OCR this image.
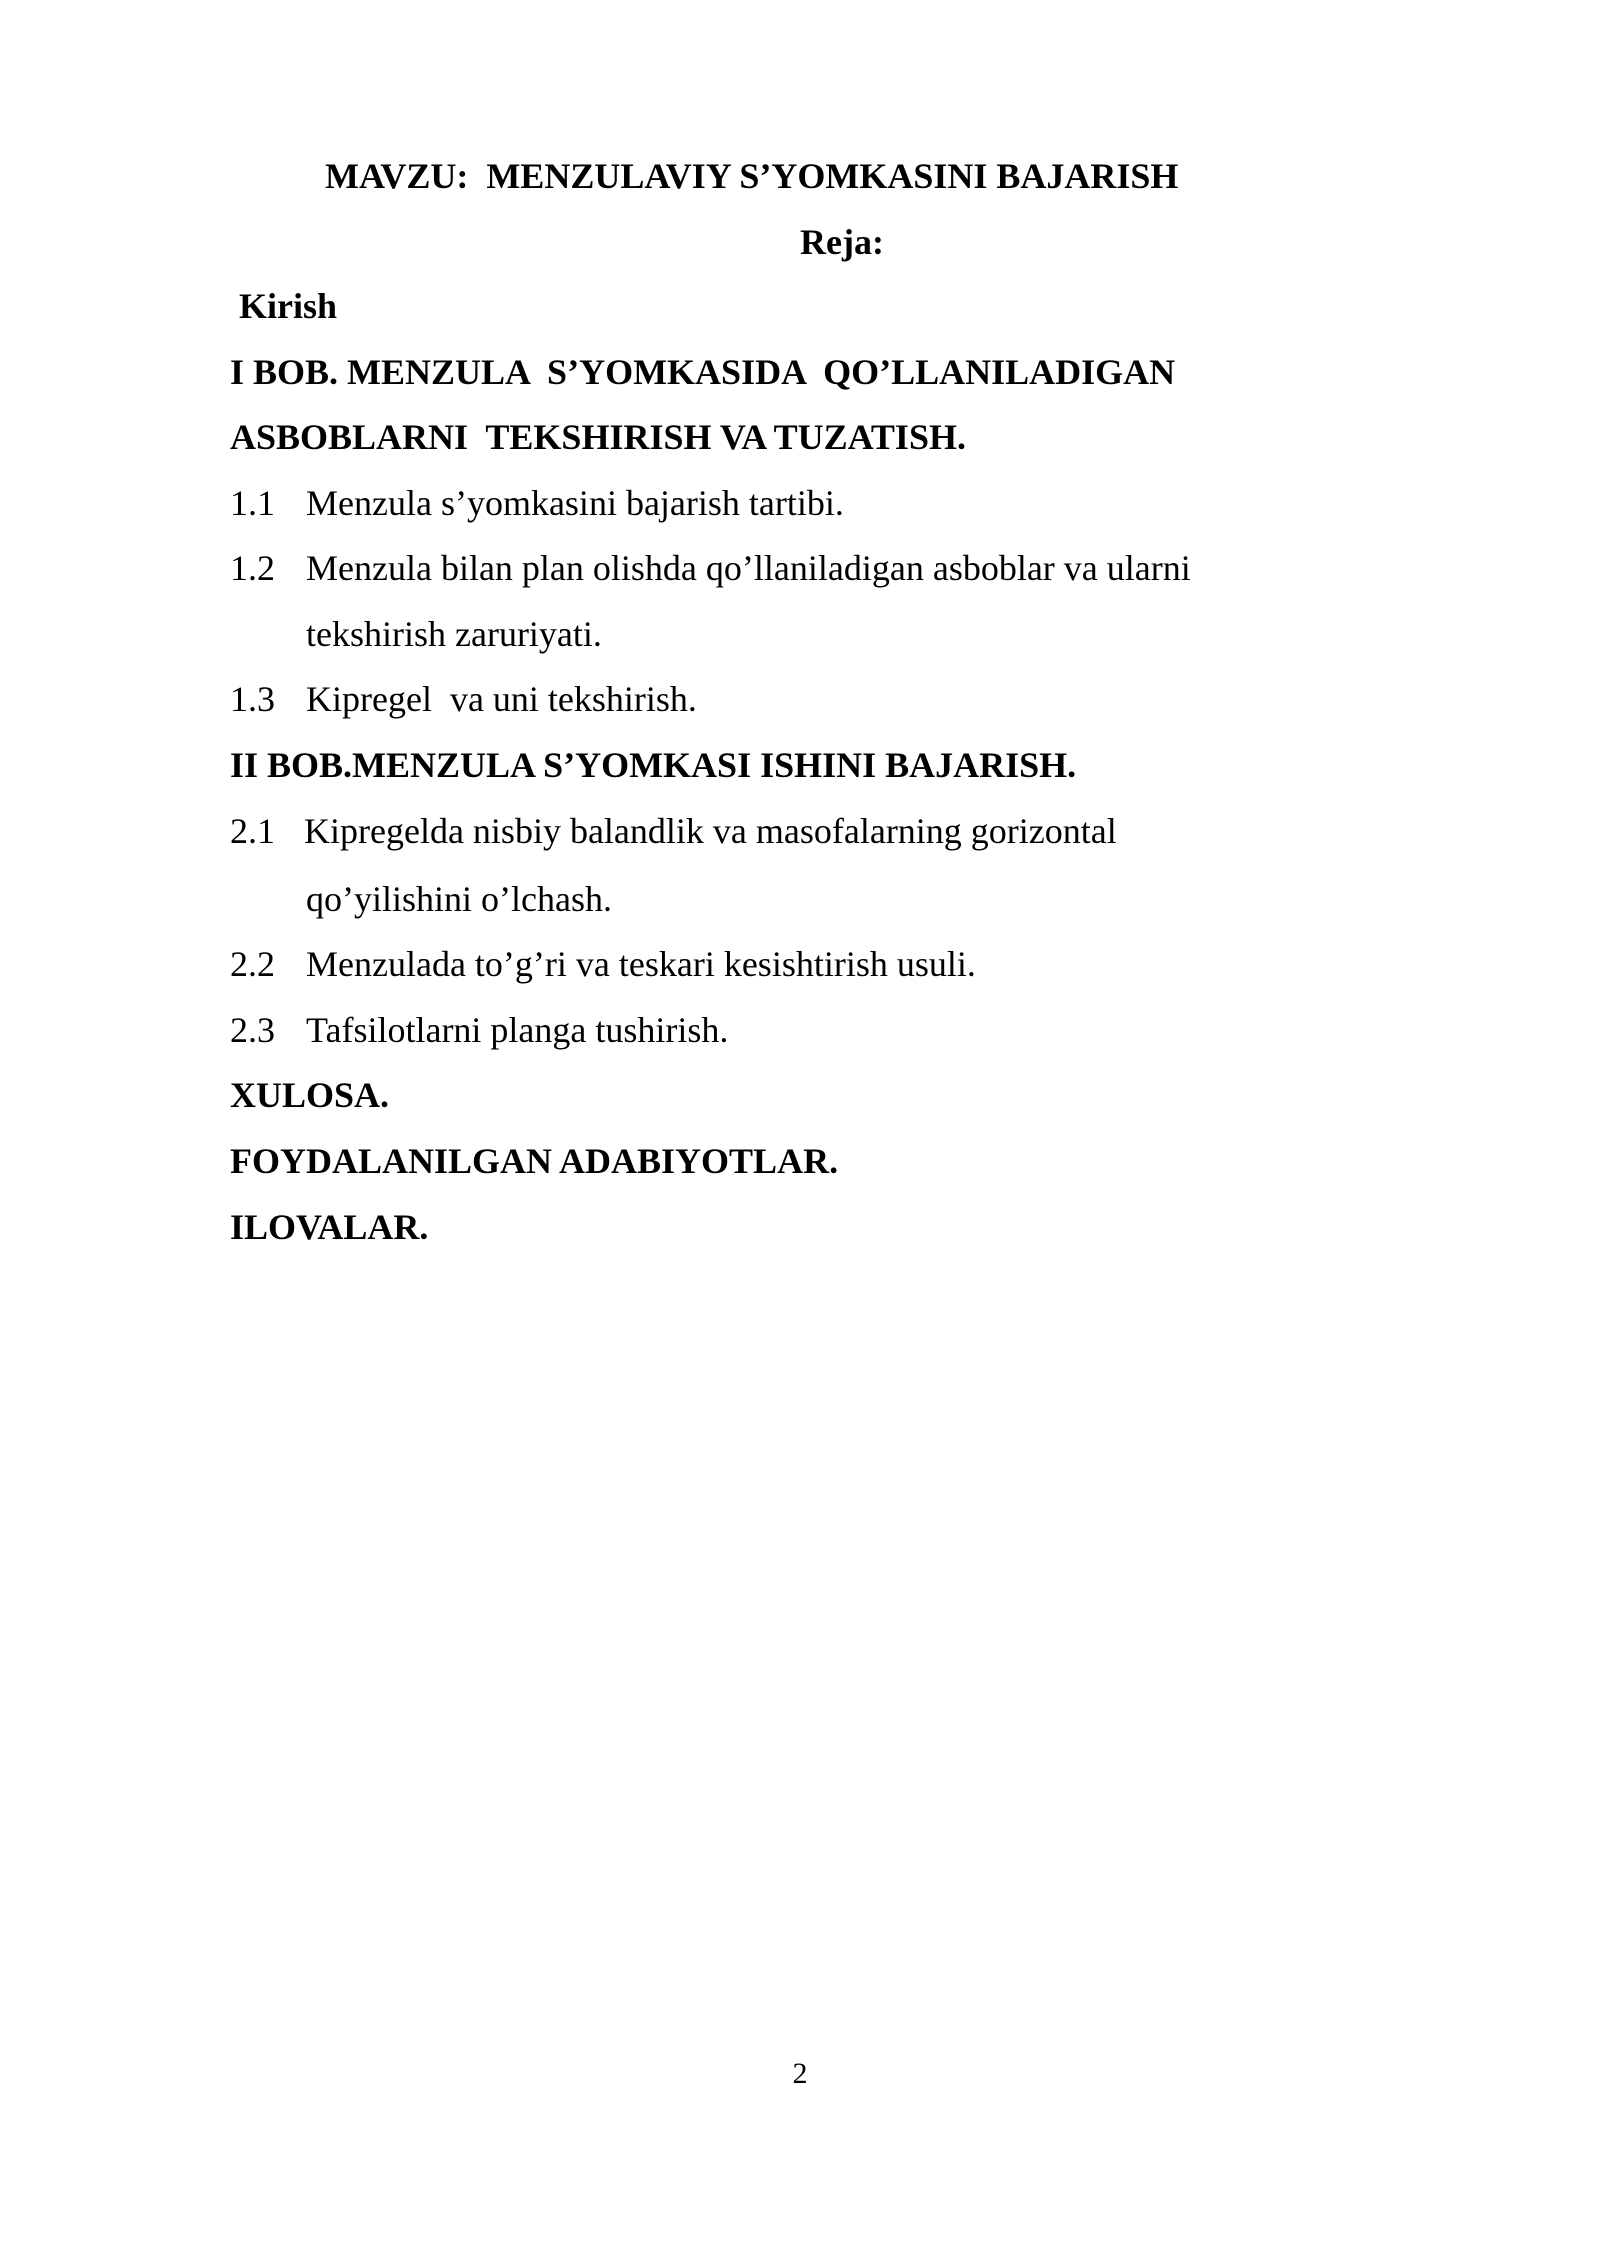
MAVZU:  MENZULAVIY S’YOMKASINI BAJARISH
Reja:
Kirish
I BOB. MENZULA  S’YOMKASIDA  QO’LLANILADIGAN
ASBOBLARNI  TEKSHIRISH VA TUZATISH.
1.1 Menzula s’yomkasini bajarish tartibi.
1.2 Menzula bilan plan olishda qo’llaniladigan asboblar va ularni
tekshirish zaruriyati.
1.3 Kipregel  va uni tekshirish.
II BOB.MENZULA S’YOMKASI ISHINI BAJARISH.
2.1 Kipregelda nisbiy balandlik va masofalarning gorizontal
qo’yilishini o’lchash.
2.2 Menzulada to’g’ri va teskari kesishtirish usuli.
2.3 Tafsilotlarni planga tushirish.
XULOSA.
FOYDALANILGAN ADABIYOTLAR.
ILOVALAR.
2
